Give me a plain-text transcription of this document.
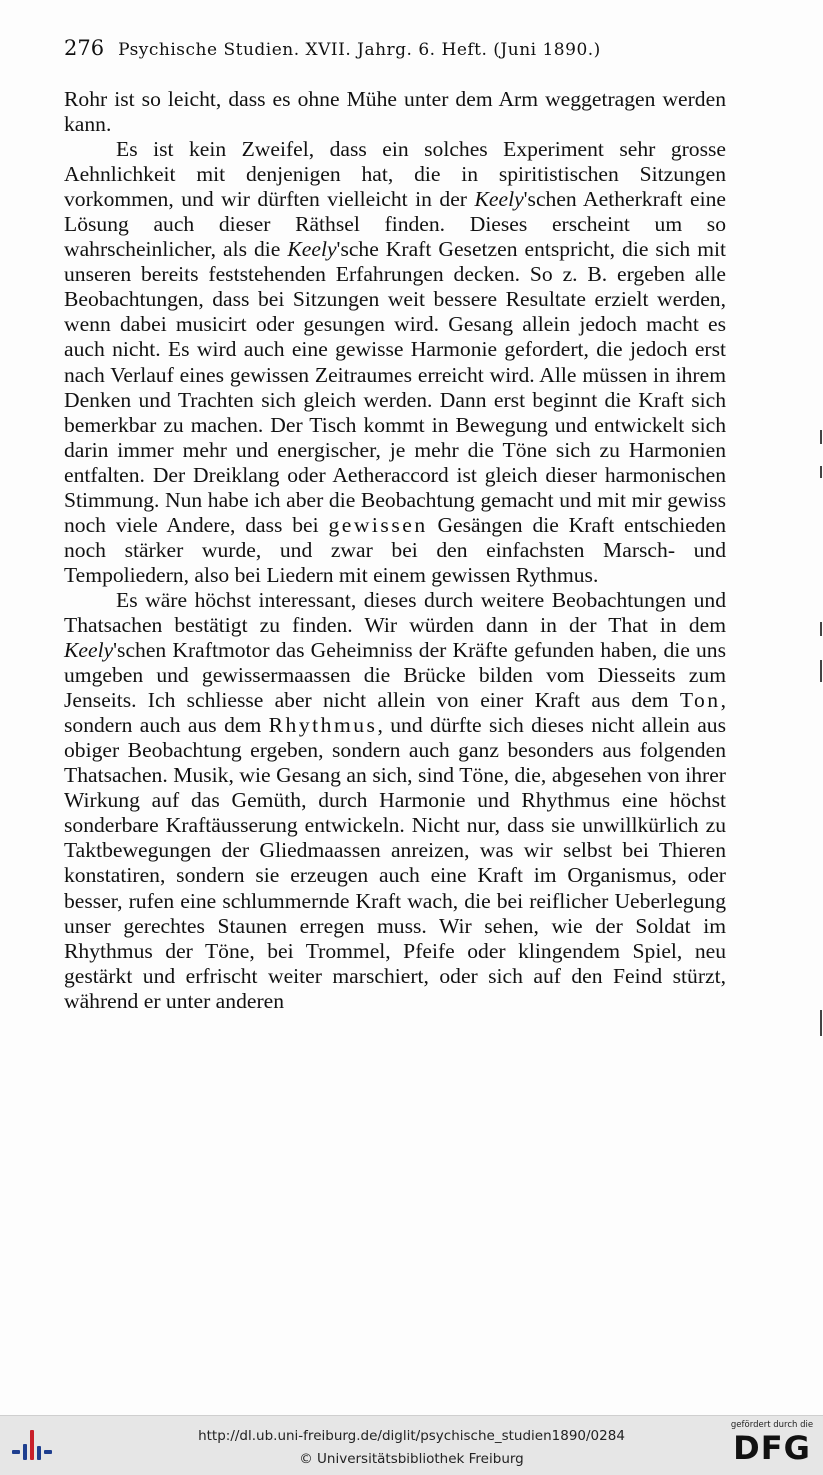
276 Psychische Studien. XVII. Jahrg. 6. Heft. (Juni 1890.)

Rohr ist so leicht, dass es ohne Mühe unter dem Arm weggetragen werden kann.

Es ist kein Zweifel, dass ein solches Experiment sehr grosse Aehnlichkeit mit denjenigen hat, die in spiritistischen Sitzungen vorkommen, und wir dürften vielleicht in der Keely'schen Aetherkraft eine Lösung auch dieser Räthsel finden. Dieses erscheint um so wahrscheinlicher, als die Keely'sche Kraft Gesetzen entspricht, die sich mit unseren bereits feststehenden Erfahrungen decken. So z. B. ergeben alle Beobachtungen, dass bei Sitzungen weit bessere Resultate erzielt werden, wenn dabei musicirt oder gesungen wird. Gesang allein jedoch macht es auch nicht. Es wird auch eine gewisse Harmonie gefordert, die jedoch erst nach Verlauf eines gewissen Zeitraumes erreicht wird. Alle müssen in ihrem Denken und Trachten sich gleich werden. Dann erst beginnt die Kraft sich bemerkbar zu machen. Der Tisch kommt in Bewegung und entwickelt sich darin immer mehr und energischer, je mehr die Töne sich zu Harmonien entfalten. Der Dreiklang oder Aetheraccord ist gleich dieser harmonischen Stimmung. Nun habe ich aber die Beobachtung gemacht und mit mir gewiss noch viele Andere, dass bei gewissen Gesängen die Kraft entschieden noch stärker wurde, und zwar bei den einfachsten Marsch- und Tempoliedern, also bei Liedern mit einem gewissen Rythmus.

Es wäre höchst interessant, dieses durch weitere Beobachtungen und Thatsachen bestätigt zu finden. Wir würden dann in der That in dem Keely'schen Kraftmotor das Geheimniss der Kräfte gefunden haben, die uns umgeben und gewissermaassen die Brücke bilden vom Diesseits zum Jenseits. Ich schliesse aber nicht allein von einer Kraft aus dem Ton, sondern auch aus dem Rhythmus, und dürfte sich dieses nicht allein aus obiger Beobachtung ergeben, sondern auch ganz besonders aus folgenden Thatsachen. Musik, wie Gesang an sich, sind Töne, die, abgesehen von ihrer Wirkung auf das Gemüth, durch Harmonie und Rhythmus eine höchst sonderbare Kraftäusserung entwickeln. Nicht nur, dass sie unwillkürlich zu Taktbewegungen der Gliedmaassen anreizen, was wir selbst bei Thieren konstatiren, sondern sie erzeugen auch eine Kraft im Organismus, oder besser, rufen eine schlummernde Kraft wach, die bei reiflicher Ueberlegung unser gerechtes Staunen erregen muss. Wir sehen, wie der Soldat im Rhythmus der Töne, bei Trommel, Pfeife oder klingendem Spiel, neu gestärkt und erfrischt weiter marschiert, oder sich auf den Feind stürzt, während er unter anderen

http://dl.ub.uni-freiburg.de/diglit/psychische_studien1890/0284
© Universitätsbibliothek Freiburg
gefördert durch die
DFG
